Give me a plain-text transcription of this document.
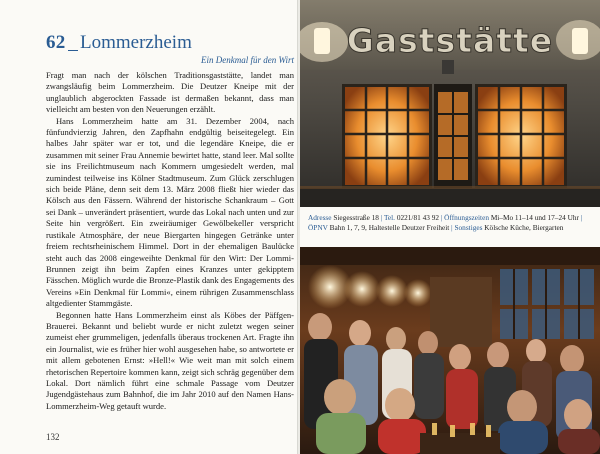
62 Lommerzheim
Ein Denkmal für den Wirt

Fragt man nach der kölschen Traditionsgaststätte, landet man zwangsläufig beim Lommerzheim. Die Deutzer Kneipe mit der unglaublich abgerockten Fassade ist dermaßen bekannt, dass man vielleicht am besten von den Neuerungen erzählt.

Hans Lommerzheim hatte am 31. Dezember 2004, nach fünfundvierzig Jahren, den Zapfhahn endgültig beiseitegelegt. Ein halbes Jahr später war er tot, und die legendäre Kneipe, die er zusammen mit seiner Frau Annemie bewirtet hatte, stand leer. Mal sollte sie ins Freilichtmuseum nach Kommern umgesiedelt werden, mal zumindest teilweise ins Kölner Stadtmuseum. Zum Glück zerschlugen sich beide Pläne, denn seit dem 13. März 2008 fließt hier wieder das Kölsch aus den Fässern. Während der historische Schankraum – Gott sei Dank – unverändert präsentiert, wurde das Lokal nach unten und zur Seite hin vergrößert. Ein zweiräumiger Gewölbekeller verspricht rustikale Atmosphäre, der neue Biergarten hingegen Getränke unter freiem rechtsrheinischem Himmel. Dort in der ehemaligen Baulücke steht auch das 2008 eingeweihte Denkmal für den Wirt: Der Lommi-Brunnen zeigt ihn beim Zapfen eines Kranzes unter gekipptem Fässchen. Möglich wurde die Bronze-Plastik dank des Engagements des Vereins »Ein Denkmal für Lommi«, einem rührigen Zusammenschlass altgedienter Stammgäste.

Begonnen hatte Hans Lommerzheim einst als Köbes der Päffgen-Brauerei. Bekannt und beliebt wurde er nicht zuletzt wegen seiner zumeist eher grummeligen, jedenfalls überaus trockenen Art. Fragte ihn ein Journalist, wie es früher hier wohl ausgesehen habe, so antwortete er mit allem gebotenen Ernst: »Hell!« Wie weit man mit solch einem rhetorischen Repertoire kommen kann, zeigt sich schräg gegenüber dem Lokal. Dort nämlich führt eine schmale Passage vom Deutzer Jugendgästehaus zum Bahnhof, die im Jahr 2010 auf den Namen Hans-Lommerzheim-Weg getauft wurde.

132
Gaststätte
Adresse Siegesstraße 18 | Tel. 0221/81 43 92 | Öffnungszeiten Mi–Mo 11–14 und 17–24 Uhr | ÖPNV Bahn 1, 7, 9, Haltestelle Deutzer Freiheit | Sonstiges Kölsche Küche, Biergarten
